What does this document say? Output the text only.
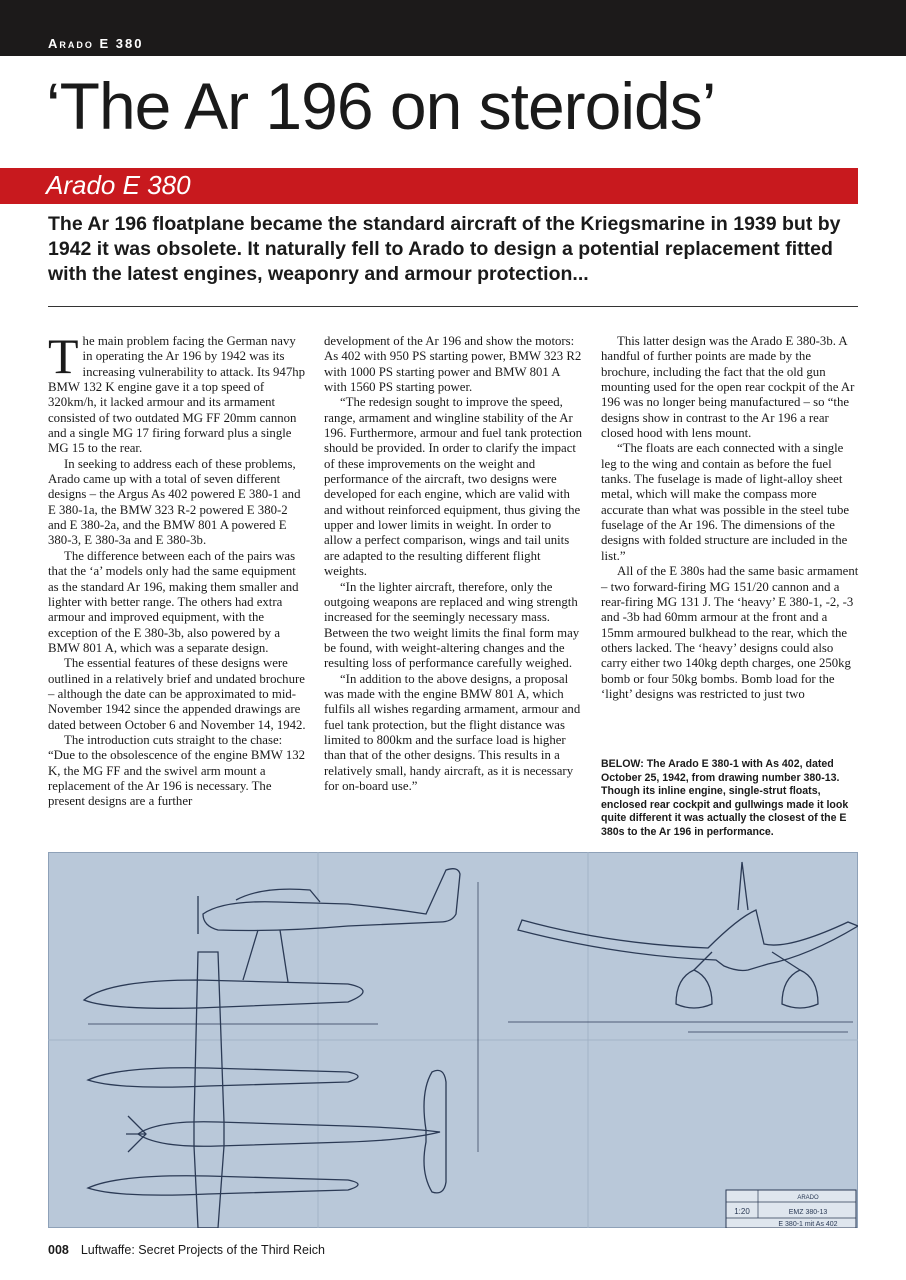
Arado E 380
‘The Ar 196 on steroids’
Arado E 380

The Ar 196 floatplane became the standard aircraft of the Kriegsmarine in 1939 but by 1942 it was obsolete. It naturally fell to Arado to design a potential replacement fitted with the latest engines, weaponry and armour protection...

The main problem facing the German navy in operating the Ar 196 by 1942 was its increasing vulnerability to attack. Its 947hp BMW 132 K engine gave it a top speed of 320km/h, it lacked armour and its armament consisted of two outdated MG FF 20mm cannon and a single MG 17 firing forward plus a single MG 15 to the rear.

In seeking to address each of these problems, Arado came up with a total of seven different designs – the Argus As 402 powered E 380-1 and E 380-1a, the BMW 323 R-2 powered E 380-2 and E 380-2a, and the BMW 801 A powered E 380-3, E 380-3a and E 380-3b.

The difference between each of the pairs was that the ‘a’ models only had the same equipment as the standard Ar 196, making them smaller and lighter with better range. The others had extra armour and improved equipment, with the exception of the E 380-3b, also powered by a BMW 801 A, which was a separate design.

The essential features of these designs were outlined in a relatively brief and undated brochure – although the date can be approximated to mid-November 1942 since the appended drawings are dated between October 6 and November 14, 1942.

The introduction cuts straight to the chase: “Due to the obsolescence of the engine BMW 132 K, the MG FF and the swivel arm mount a replacement of the Ar 196 is necessary. The present designs are a further

development of the Ar 196 and show the motors: As 402 with 950 PS starting power, BMW 323 R2 with 1000 PS starting power and BMW 801 A with 1560 PS starting power.

“The redesign sought to improve the speed, range, armament and wingline stability of the Ar 196. Furthermore, armour and fuel tank protection should be provided. In order to clarify the impact of these improvements on the weight and performance of the aircraft, two designs were developed for each engine, which are valid with and without reinforced equipment, thus giving the upper and lower limits in weight. In order to allow a perfect comparison, wings and tail units are adapted to the resulting different flight weights.

“In the lighter aircraft, therefore, only the outgoing weapons are replaced and wing strength increased for the seemingly necessary mass. Between the two weight limits the final form may be found, with weight-altering changes and the resulting loss of performance carefully weighed.

“In addition to the above designs, a proposal was made with the engine BMW 801 A, which fulfils all wishes regarding armament, armour and fuel tank protection, but the flight distance was limited to 800km and the surface load is higher than that of the other designs. This results in a relatively small, handy aircraft, as it is necessary for on-board use.”

This latter design was the Arado E 380-3b. A handful of further points are made by the brochure, including the fact that the old gun mounting used for the open rear cockpit of the Ar 196 was no longer being manufactured – so “the designs show in contrast to the Ar 196 a rear closed hood with lens mount.

“The floats are each connected with a single leg to the wing and contain as before the fuel tanks. The fuselage is made of light-alloy sheet metal, which will make the compass more accurate than what was possible in the steel tube fuselage of the Ar 196. The dimensions of the designs with folded structure are included in the list.”

All of the E 380s had the same basic armament – two forward-firing MG 151/20 cannon and a rear-firing MG 131 J. The ‘heavy’ E 380-1, -2, -3 and -3b had 60mm armour at the front and a 15mm armoured bulkhead to the rear, which the others lacked. The ‘heavy’ designs could also carry either two 140kg depth charges, one 250kg bomb or four 50kg bombs. Bomb load for the ‘light’ designs was restricted to just two

BELOW: The Arado E 380-1 with As 402, dated October 25, 1942, from drawing number 380-13. Though its inline engine, single-strut floats, enclosed rear cockpit and gullwings made it look quite different it was actually the closest of the E 380s to the Ar 196 in performance.

ARADO
1:20	EMZ 380-13
E 380-1 mit As 402
008 Luftwaffe: Secret Projects of the Third Reich
